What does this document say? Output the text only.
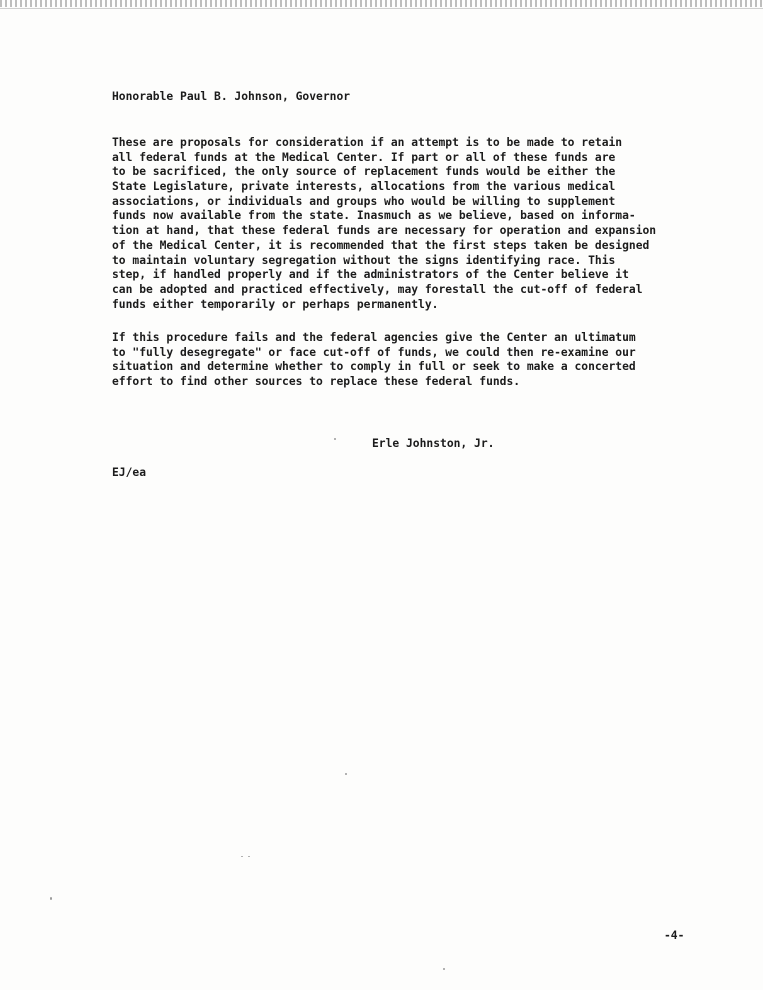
Honorable Paul B. Johnson, Governor
These are proposals for consideration if an attempt is to be made to retain
all federal funds at the Medical Center. If part or all of these funds are
to be sacrificed, the only source of replacement funds would be either the
State Legislature, private interests, allocations from the various medical
associations, or individuals and groups who would be willing to supplement
funds now available from the state. Inasmuch as we believe, based on informa-
tion at hand, that these federal funds are necessary for operation and expansion
of the Medical Center, it is recommended that the first steps taken be designed
to maintain voluntary segregation without the signs identifying race. This
step, if handled properly and if the administrators of the Center believe it
can be adopted and practiced effectively, may forestall the cut-off of federal
funds either temporarily or perhaps permanently.
If this procedure fails and the federal agencies give the Center an ultimatum
to "fully desegregate" or face cut-off of funds, we could then re-examine our
situation and determine whether to comply in full or seek to make a concerted
effort to find other sources to replace these federal funds.
Erle Johnston, Jr.
EJ/ea
-4-
